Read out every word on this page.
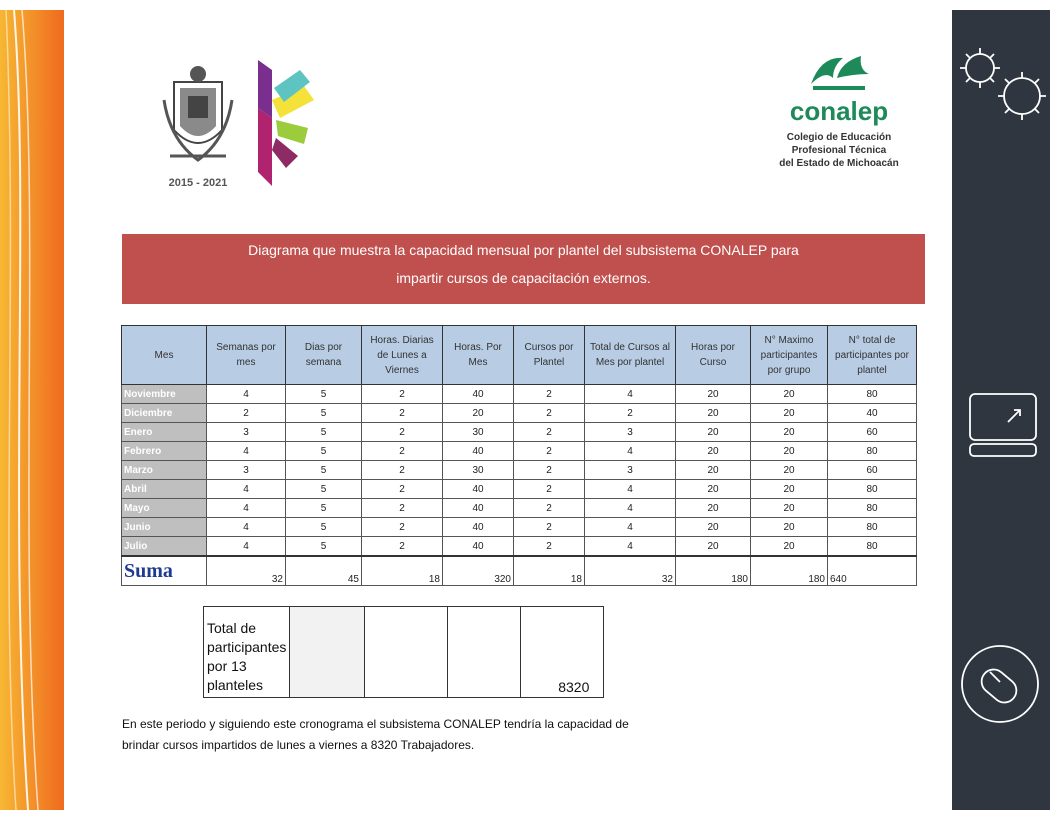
2015 - 2021
conalep
Colegio de Educación
Profesional Técnica
del Estado de Michoacán
Diagrama que muestra la capacidad mensual por plantel del subsistema CONALEP para
impartir cursos de capacitación externos.
Mes	Semanas por mes	Dias por semana	Horas. Diarias de Lunes a Viernes	Horas. Por Mes	Cursos por Plantel	Total de Cursos al Mes por plantel	Horas por Curso	N° Maximo participantes por grupo	N° total de participantes por plantel
Noviembre	4	5	2	40	2	4	20	20	80
Diciembre	2	5	2	20	2	2	20	20	40
Enero	3	5	2	30	2	3	20	20	60
Febrero	4	5	2	40	2	4	20	20	80
Marzo	3	5	2	30	2	3	20	20	60
Abril	4	5	2	40	2	4	20	20	80
Mayo	4	5	2	40	2	4	20	20	80
Junio	4	5	2	40	2	4	20	20	80
Julio	4	5	2	40	2	4	20	20	80
Suma	32	45	18	320	18	32	180	180	640
Total de participantes por 13 planteles				8320
En este periodo y siguiendo este cronograma el subsistema CONALEP tendría la capacidad de
brindar cursos impartidos de lunes a viernes a 8320 Trabajadores.
